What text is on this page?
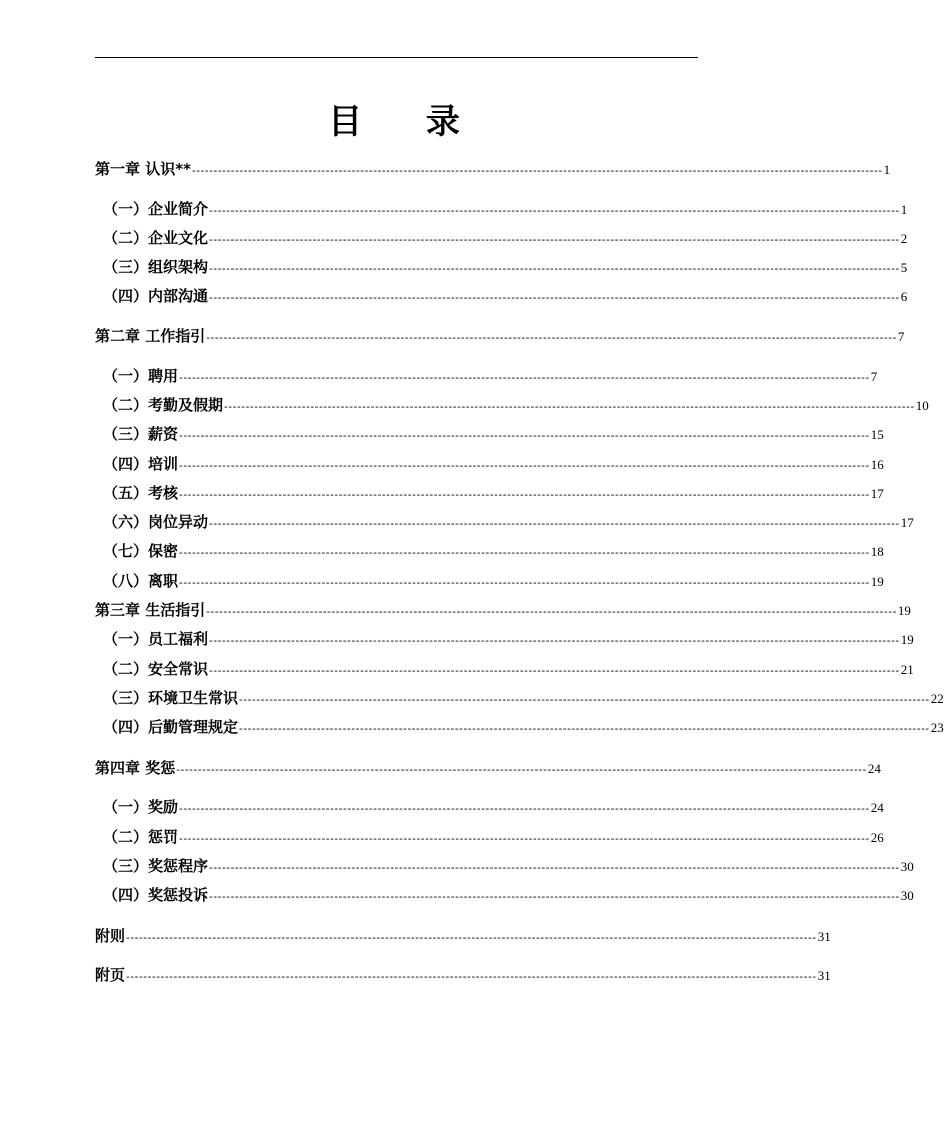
目 录
第一章 认识** ---------------------------------------------------------------------------------------------------------------------------------------------------------------- 1
（一）企业简介 ---------------------------------------------------------------------------------------------------------------------------------------------------------------- 1
（二）企业文化 ---------------------------------------------------------------------------------------------------------------------------------------------------------------- 2
（三）组织架构 ---------------------------------------------------------------------------------------------------------------------------------------------------------------- 5
（四）内部沟通 ---------------------------------------------------------------------------------------------------------------------------------------------------------------- 6
第二章 工作指引 ---------------------------------------------------------------------------------------------------------------------------------------------------------------- 7
（一）聘用 ---------------------------------------------------------------------------------------------------------------------------------------------------------------- 7
（二）考勤及假期 ---------------------------------------------------------------------------------------------------------------------------------------------------------------- 10
（三）薪资 ---------------------------------------------------------------------------------------------------------------------------------------------------------------- 15
（四）培训 ---------------------------------------------------------------------------------------------------------------------------------------------------------------- 16
（五）考核 ---------------------------------------------------------------------------------------------------------------------------------------------------------------- 17
（六）岗位异动 ---------------------------------------------------------------------------------------------------------------------------------------------------------------- 17
（七）保密 ---------------------------------------------------------------------------------------------------------------------------------------------------------------- 18
（八）离职 ---------------------------------------------------------------------------------------------------------------------------------------------------------------- 19
第三章 生活指引 ---------------------------------------------------------------------------------------------------------------------------------------------------------------- 19
（一）员工福利 ---------------------------------------------------------------------------------------------------------------------------------------------------------------- 19
（二）安全常识 ---------------------------------------------------------------------------------------------------------------------------------------------------------------- 21
（三）环境卫生常识 ---------------------------------------------------------------------------------------------------------------------------------------------------------------- 22
（四）后勤管理规定 ---------------------------------------------------------------------------------------------------------------------------------------------------------------- 23
第四章 奖惩 ---------------------------------------------------------------------------------------------------------------------------------------------------------------- 24
（一）奖励 ---------------------------------------------------------------------------------------------------------------------------------------------------------------- 24
（二）惩罚 ---------------------------------------------------------------------------------------------------------------------------------------------------------------- 26
（三）奖惩程序 ---------------------------------------------------------------------------------------------------------------------------------------------------------------- 30
（四）奖惩投诉 ---------------------------------------------------------------------------------------------------------------------------------------------------------------- 30
附则 ---------------------------------------------------------------------------------------------------------------------------------------------------------------- 31
附页 ---------------------------------------------------------------------------------------------------------------------------------------------------------------- 31
